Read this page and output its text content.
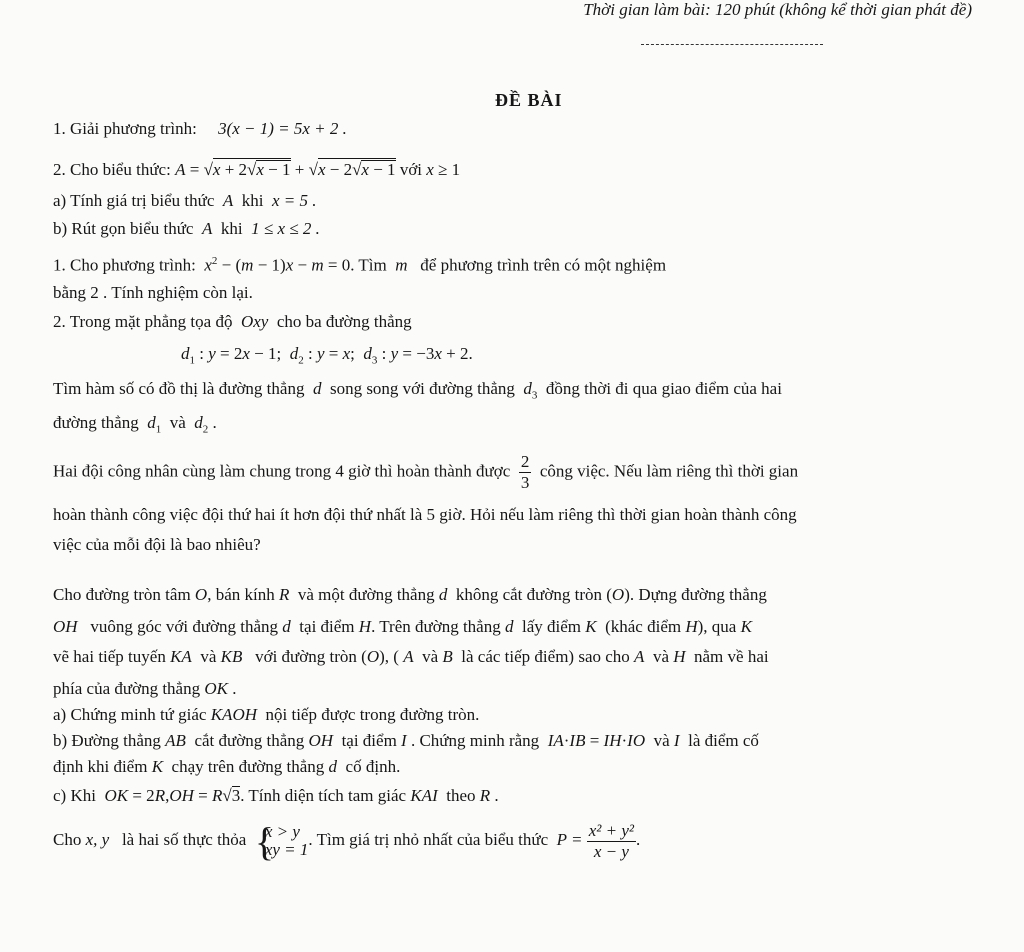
Thời gian làm bài: 120 phút (không kể thời gian phát đề)
ĐỀ BÀI
1. Giải phương trình: 3(x − 1) = 5x + 2 .
2. Cho biểu thức: A = √x + 2√x − 1 + √x − 2√x − 1 với x ≥ 1
a) Tính giá trị biểu thức A khi x = 5 .
b) Rút gọn biểu thức A khi 1 ≤ x ≤ 2 .
1. Cho phương trình: $x^2 - (m - 1)x - m = 0$. Tìm m để phương trình trên có một nghiệm
bằng 2 . Tính nghiệm còn lại.
2. Trong mặt phẳng tọa độ Oxy cho ba đường thẳng
$d_1$ : y = 2x − 1;  $d_2$ : y = x;  $d_3$ : y = −3x + 2.
Tìm hàm số có đồ thị là đường thẳng d song song với đường thẳng $d_3$ đồng thời đi qua giao điểm của hai
đường thẳng $d_1$ và $d_2$ .
Hai đội công nhân cùng làm chung trong 4 giờ thì hoàn thành được $\frac{2}{3}$ công việc. Nếu làm riêng thì thời gian
hoàn thành công việc đội thứ hai ít hơn đội thứ nhất là 5 giờ. Hỏi nếu làm riêng thì thời gian hoàn thành công
việc của mỗi đội là bao nhiêu?
Cho đường tròn tâm O, bán kính R và một đường thẳng d không cắt đường tròn (O). Dựng đường thẳng
OH vuông góc với đường thẳng d tại điểm H. Trên đường thẳng d lấy điểm K (khác điểm H), qua K
vẽ hai tiếp tuyến KA và KB với đường tròn (O), ( A và B là các tiếp điểm) sao cho A và H nằm về hai
phía của đường thẳng OK .
a) Chứng minh tứ giác KAOH nội tiếp được trong đường tròn.
b) Đường thẳng AB cắt đường thẳng OH tại điểm I . Chứng minh rằng IA·IB = IH·IO và I là điểm cố
định khi điểm K chạy trên đường thẳng d cố định.
c) Khi OK = 2R,OH = R√3. Tính diện tích tam giác KAI theo R .
Cho x, y là hai số thực thỏa {
x > y
xy = 1
. Tìm giá trị nhỏ nhất của biểu thức $P = \frac{\text{x² + y²}}{x - y}$ .
